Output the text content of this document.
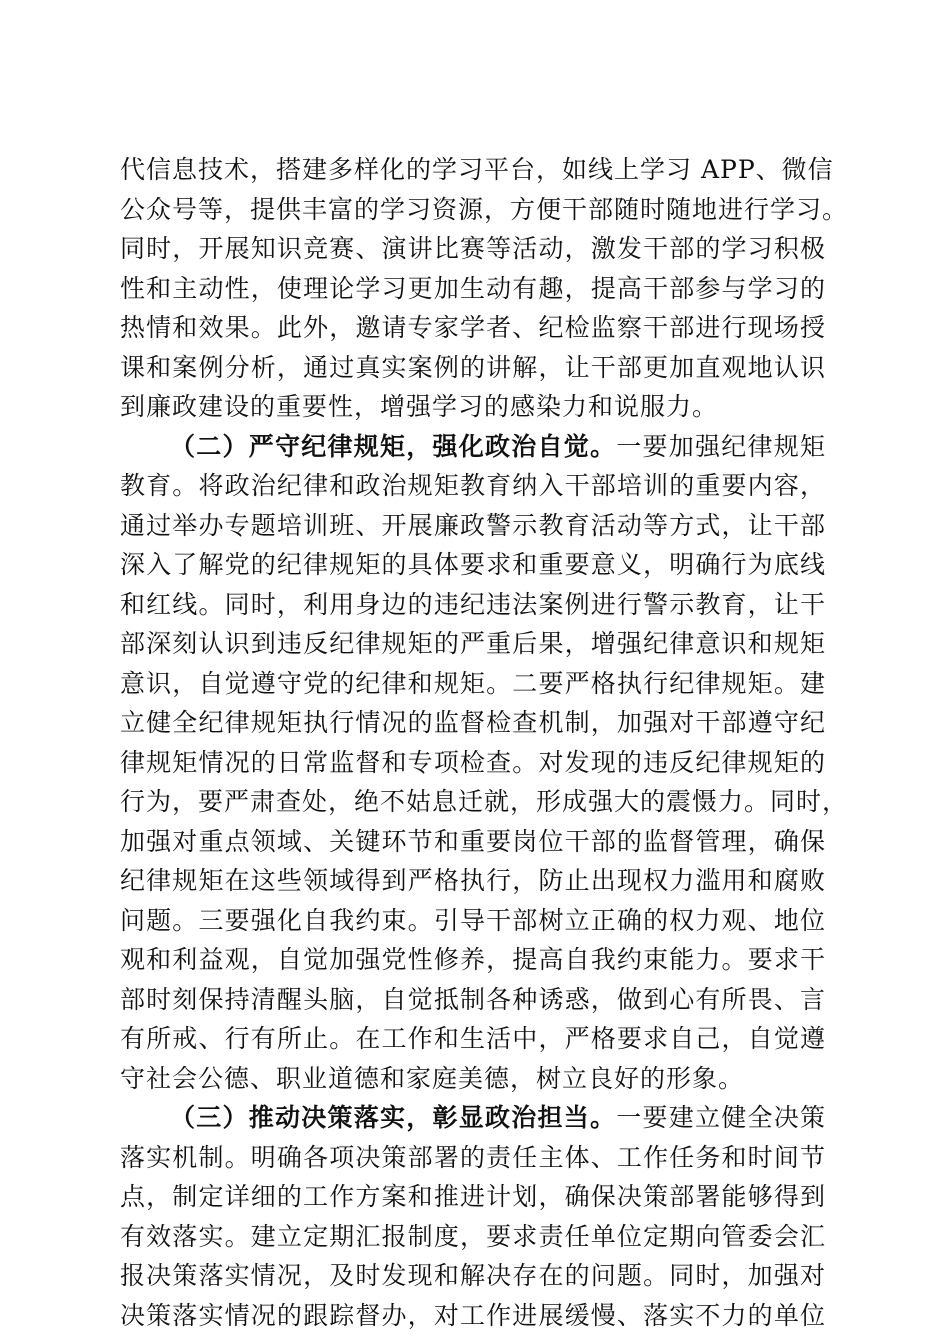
代信息技术，搭建多样化的学习平台，如线上学习 APP、微信
公众号等，提供丰富的学习资源，方便干部随时随地进行学习。
同时，开展知识竞赛、演讲比赛等活动，激发干部的学习积极
性和主动性，使理论学习更加生动有趣，提高干部参与学习的
热情和效果。此外，邀请专家学者、纪检监察干部进行现场授
课和案例分析，通过真实案例的讲解，让干部更加直观地认识
到廉政建设的重要性，增强学习的感染力和说服力。
（二）严守纪律规矩，强化政治自觉。一要加强纪律规矩
教育。将政治纪律和政治规矩教育纳入干部培训的重要内容，
通过举办专题培训班、开展廉政警示教育活动等方式，让干部
深入了解党的纪律规矩的具体要求和重要意义，明确行为底线
和红线。同时，利用身边的违纪违法案例进行警示教育，让干
部深刻认识到违反纪律规矩的严重后果，增强纪律意识和规矩
意识，自觉遵守党的纪律和规矩。二要严格执行纪律规矩。建
立健全纪律规矩执行情况的监督检查机制，加强对干部遵守纪
律规矩情况的日常监督和专项检查。对发现的违反纪律规矩的
行为，要严肃查处，绝不姑息迁就，形成强大的震慑力。同时，
加强对重点领域、关键环节和重要岗位干部的监督管理，确保
纪律规矩在这些领域得到严格执行，防止出现权力滥用和腐败
问题。三要强化自我约束。引导干部树立正确的权力观、地位
观和利益观，自觉加强党性修养，提高自我约束能力。要求干
部时刻保持清醒头脑，自觉抵制各种诱惑，做到心有所畏、言
有所戒、行有所止。在工作和生活中，严格要求自己，自觉遵
守社会公德、职业道德和家庭美德，树立良好的形象。
（三）推动决策落实，彰显政治担当。一要建立健全决策
落实机制。明确各项决策部署的责任主体、工作任务和时间节
点，制定详细的工作方案和推进计划，确保决策部署能够得到
有效落实。建立定期汇报制度，要求责任单位定期向管委会汇
报决策落实情况，及时发现和解决存在的问题。同时，加强对
决策落实情况的跟踪督办，对工作进展缓慢、落实不力的单位
